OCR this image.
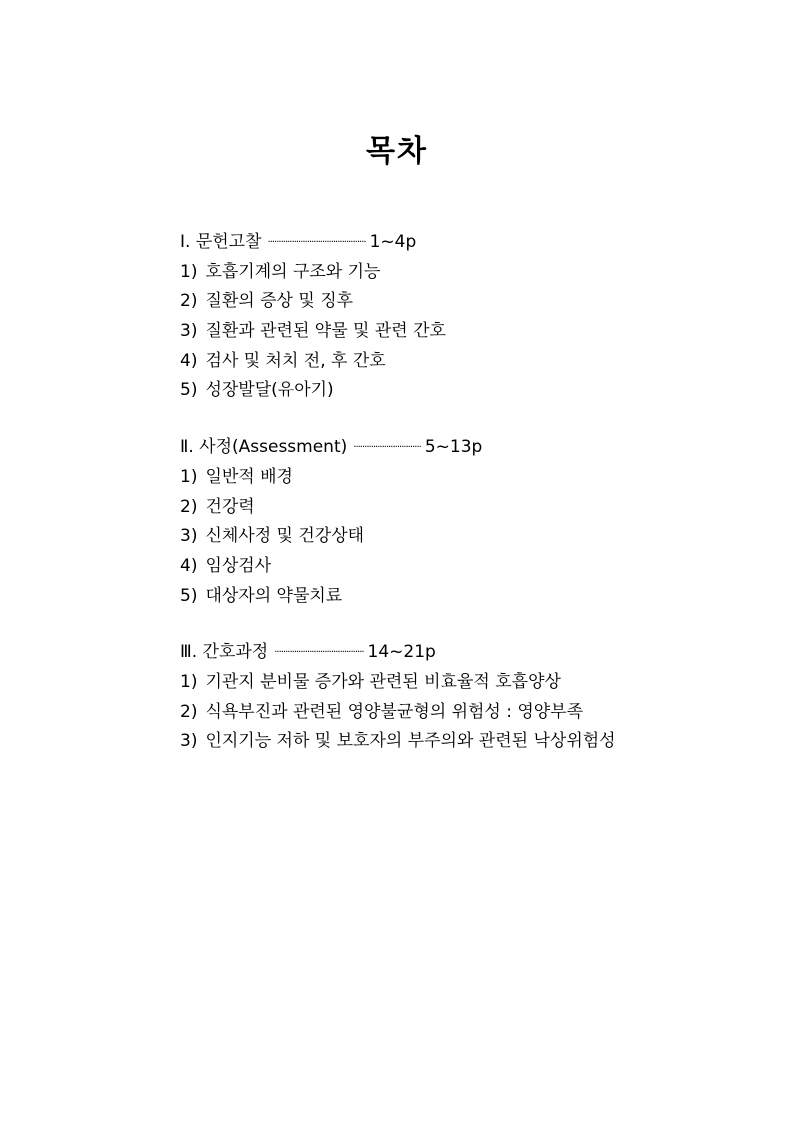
목차
Ⅰ. 문헌고찰 ············································· 1~4p
1) 호흡기계의 구조와 기능
2) 질환의 증상 및 징후
3) 질환과 관련된 약물 및 관련 간호
4) 검사 및 처치 전, 후 간호
5) 성장발달(유아기)
Ⅱ. 사정(Assessment) ······························· 5~13p
1) 일반적 배경
2) 건강력
3) 신체사정 및 건강상태
4) 임상검사
5) 대상자의 약물치료
Ⅲ. 간호과정 ········································· 14~21p
1) 기관지 분비물 증가와 관련된 비효율적 호흡양상
2) 식욕부진과 관련된 영양불균형의 위험성 : 영양부족
3) 인지기능 저하 및 보호자의 부주의와 관련된 낙상위험성
